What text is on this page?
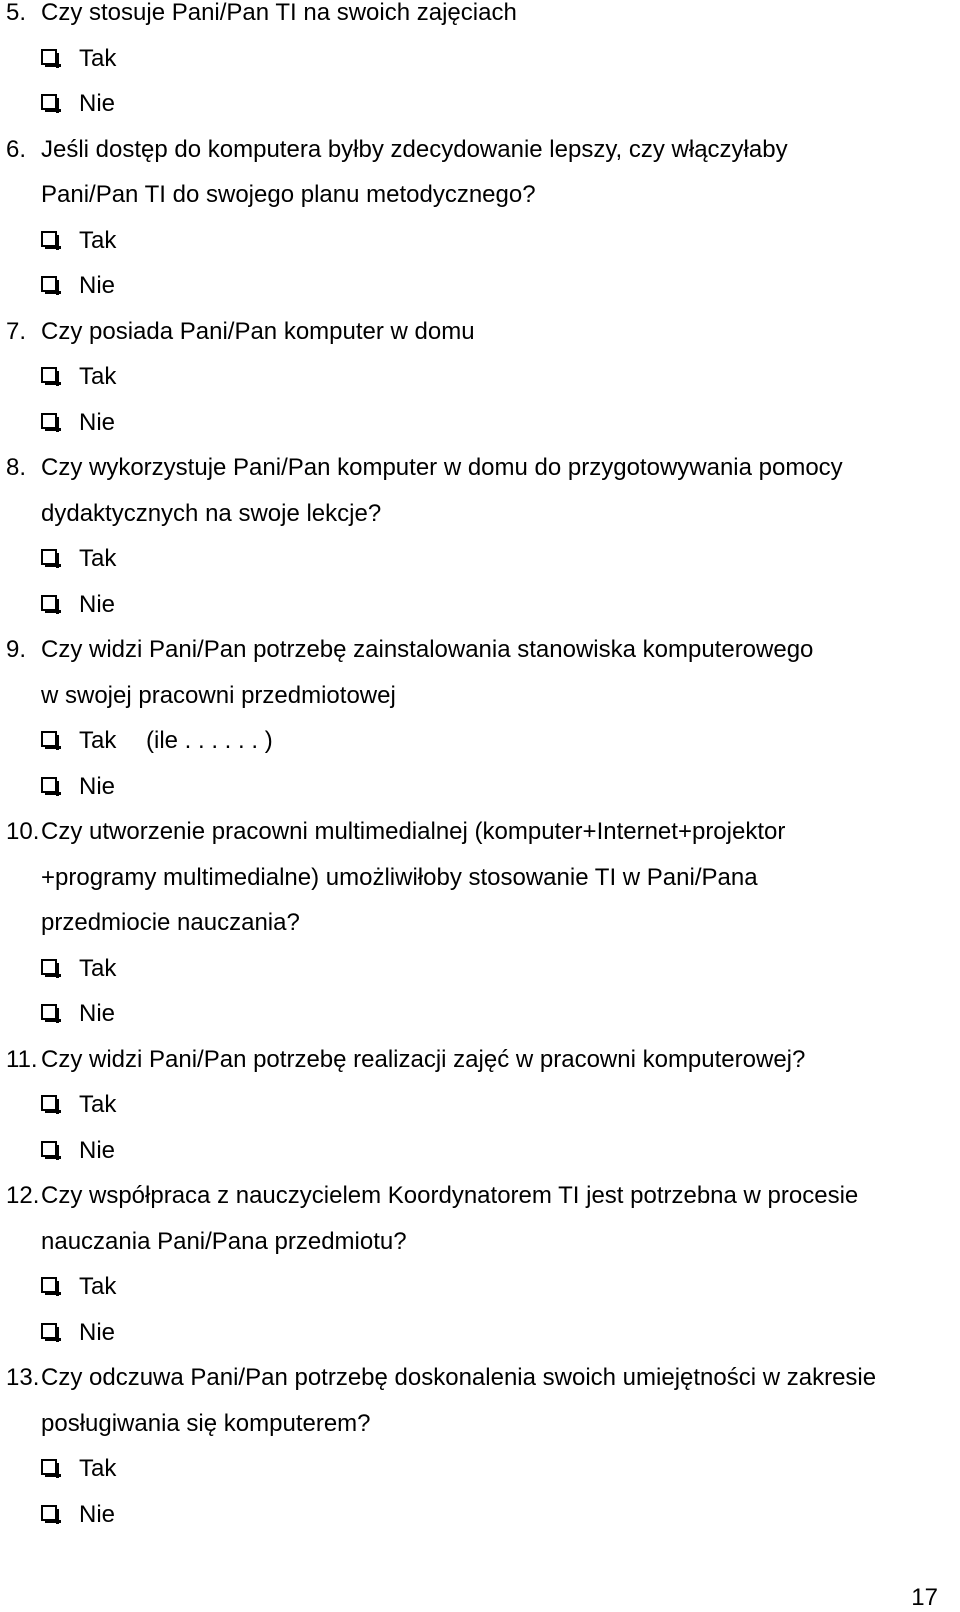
5. Czy stosuje Pani/Pan TI na swoich zajęciach
Tak
Nie
6. Jeśli dostęp do komputera byłby zdecydowanie lepszy, czy włączyłaby
Pani/Pan TI do swojego planu metodycznego?
Tak
Nie
7. Czy posiada Pani/Pan komputer w domu
Tak
Nie
8. Czy wykorzystuje Pani/Pan komputer w domu do przygotowywania pomocy
dydaktycznych na swoje lekcje?
Tak
Nie
9. Czy widzi Pani/Pan potrzebę zainstalowania stanowiska komputerowego
w swojej pracowni przedmiotowej
Tak (ile . . . . . . )
Nie
10. Czy utworzenie pracowni multimedialnej (komputer+Internet+projektor
+programy multimedialne) umożliwiłoby stosowanie TI w Pani/Pana
przedmiocie nauczania?
Tak
Nie
11. Czy widzi Pani/Pan potrzebę realizacji zajęć w pracowni komputerowej?
Tak
Nie
12. Czy współpraca z nauczycielem Koordynatorem TI jest potrzebna w procesie
nauczania Pani/Pana przedmiotu?
Tak
Nie
13. Czy odczuwa Pani/Pan potrzebę doskonalenia swoich umiejętności w zakresie
posługiwania się komputerem?
Tak
Nie
17
